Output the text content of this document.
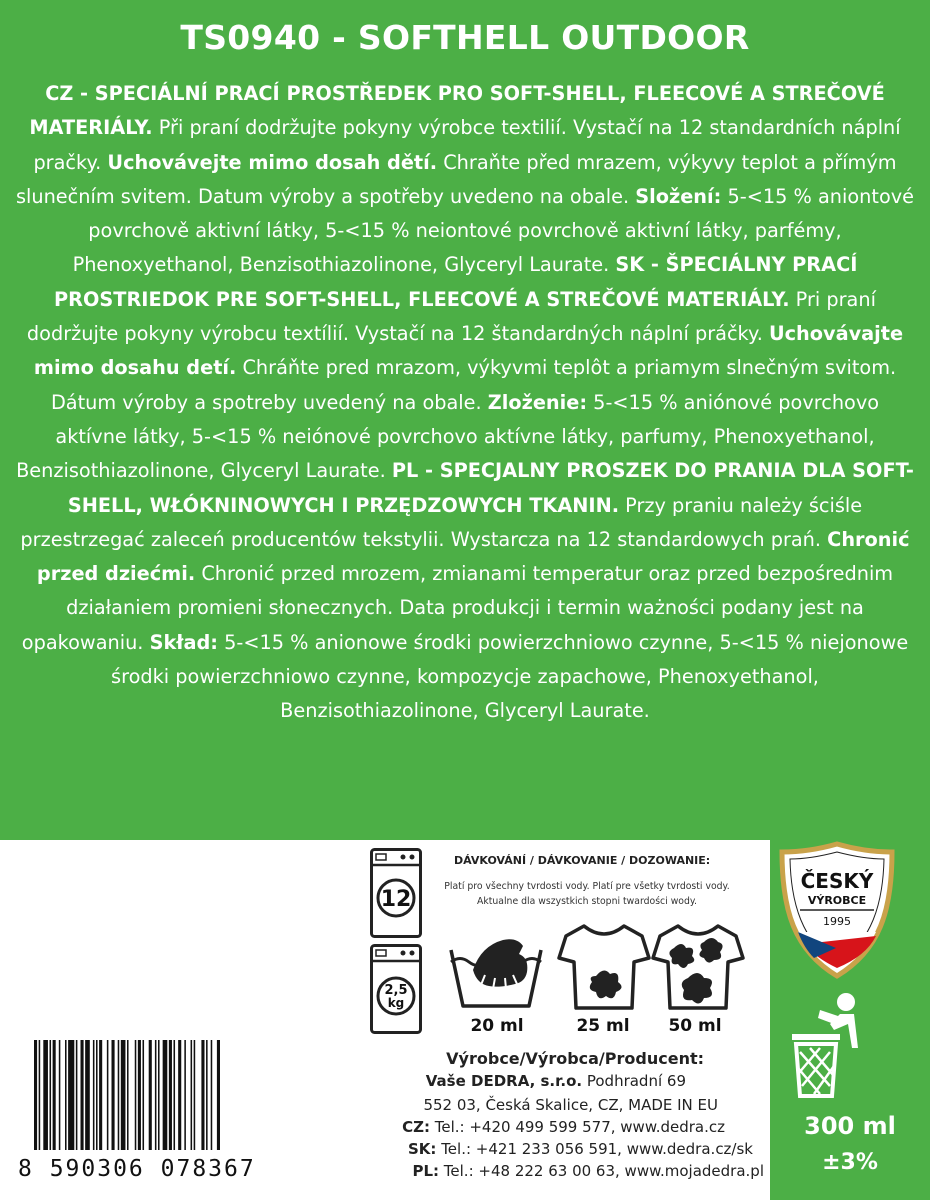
TS0940 - SOFTHELL OUTDOOR
CZ - SPECIÁLNÍ PRACÍ PROSTŘEDEK PRO SOFT-SHELL, FLEECOVÉ A STREČOVÉ MATERIÁLY. Při praní dodržujte pokyny výrobce textilií. Vystačí na 12 standardních náplní pračky. Uchovávejte mimo dosah dětí. Chraňte před mrazem, výkyvy teplot a přímým slunečním svitem. Datum výroby a spotřeby uvedeno na obale. Složení: 5-<15 % aniontové povrchově aktivní látky, 5-<15 % neiontové povrchově aktivní látky, parfémy, Phenoxyethanol, Benzisothiazolinone, Glyceryl Laurate. SK - ŠPECIÁLNY PRACÍ PROSTRIEDOK PRE SOFT-SHELL, FLEECOVÉ A STREČOVÉ MATERIÁLY. Pri praní dodržujte pokyny výrobcu textílií. Vystačí na 12 štandardných náplní práčky. Uchovávajte mimo dosahu detí. Chráňte pred mrazom, výkyvmi teplôt a priamym slnečným svitom. Dátum výroby a spotreby uvedený na obale. Zloženie: 5-<15 % aniónové povrchovo aktívne látky, 5-<15 % neiónové povrchovo aktívne látky, parfumy, Phenoxyethanol, Benzisothiazolinone, Glyceryl Laurate. PL - SPECJALNY PROSZEK DO PRANIA DLA SOFT-SHELL, WŁÓKNINOWYCH I PRZĘDZOWYCH TKANIN. Przy praniu należy ściśle przestrzegać zaleceń producentów tekstylii. Wystarcza na 12 standardowych prań. Chronić przed dziećmi. Chronić przed mrozem, zmianami temperatur oraz przed bezpośrednim działaniem promieni słonecznych. Data produkcji i termin ważności podany jest na opakowaniu. Skład: 5-<15 % anionowe środki powierzchniowo czynne, 5-<15 % niejonowe środki powierzchniowo czynne, kompozycje zapachowe, Phenoxyethanol, Benzisothiazolinone, Glyceryl Laurate.
8 590306 078367
12
2,5
kg
DÁVKOVÁNÍ / DÁVKOVANIE / DOZOWANIE:
Platí pro všechny tvrdosti vody. Platí pre všetky tvrdosti vody.
Aktualne dla wszystkich stopni twardości wody.
20 ml	25 ml	50 ml
Výrobce/Výrobca/Producent:
Vaše DEDRA, s.r.o. Podhradní 69
552 03, Česká Skalice, CZ, MADE IN EU
CZ: Tel.: +420 499 599 577, www.dedra.cz
SK: Tel.: +421 233 056 591, www.dedra.cz/sk
PL: Tel.: +48 222 63 00 63, www.mojadedra.pl
ČESKÝ
VÝROBCE
1995
300 ml
±3%
